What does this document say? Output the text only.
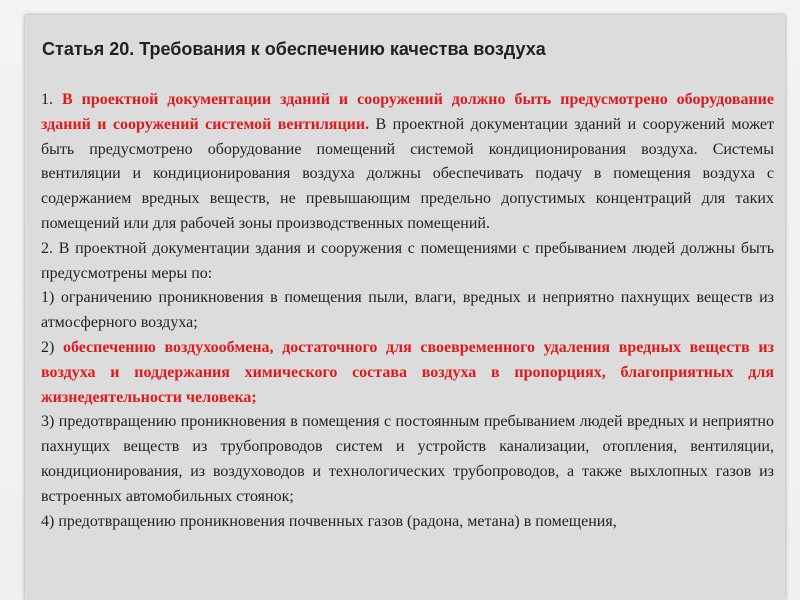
Статья 20. Требования к обеспечению качества воздуха

1. В проектной документации зданий и сооружений должно быть предусмотрено оборудование зданий и сооружений системой вентиляции. В проектной документации зданий и сооружений может быть предусмотрено оборудование помещений системой кондиционирования воздуха. Системы вентиляции и кондиционирования воздуха должны обеспечивать подачу в помещения воздуха с содержанием вредных веществ, не превышающим предельно допустимых концентраций для таких помещений или для рабочей зоны производственных помещений.

2. В проектной документации здания и сооружения с помещениями с пребыванием людей должны быть предусмотрены меры по:

1) ограничению проникновения в помещения пыли, влаги, вредных и неприятно пахнущих веществ из атмосферного воздуха;

2) обеспечению воздухообмена, достаточного для своевременного удаления вредных веществ из воздуха и поддержания химического состава воздуха в пропорциях, благоприятных для жизнедеятельности человека;

3) предотвращению проникновения в помещения с постоянным пребыванием людей вредных и неприятно пахнущих веществ из трубопроводов систем и устройств канализации, отопления, вентиляции, кондиционирования, из воздуховодов и технологических трубопроводов, а также выхлопных газов из встроенных автомобильных стоянок;

4) предотвращению проникновения почвенных газов (радона, метана) в помещения,
